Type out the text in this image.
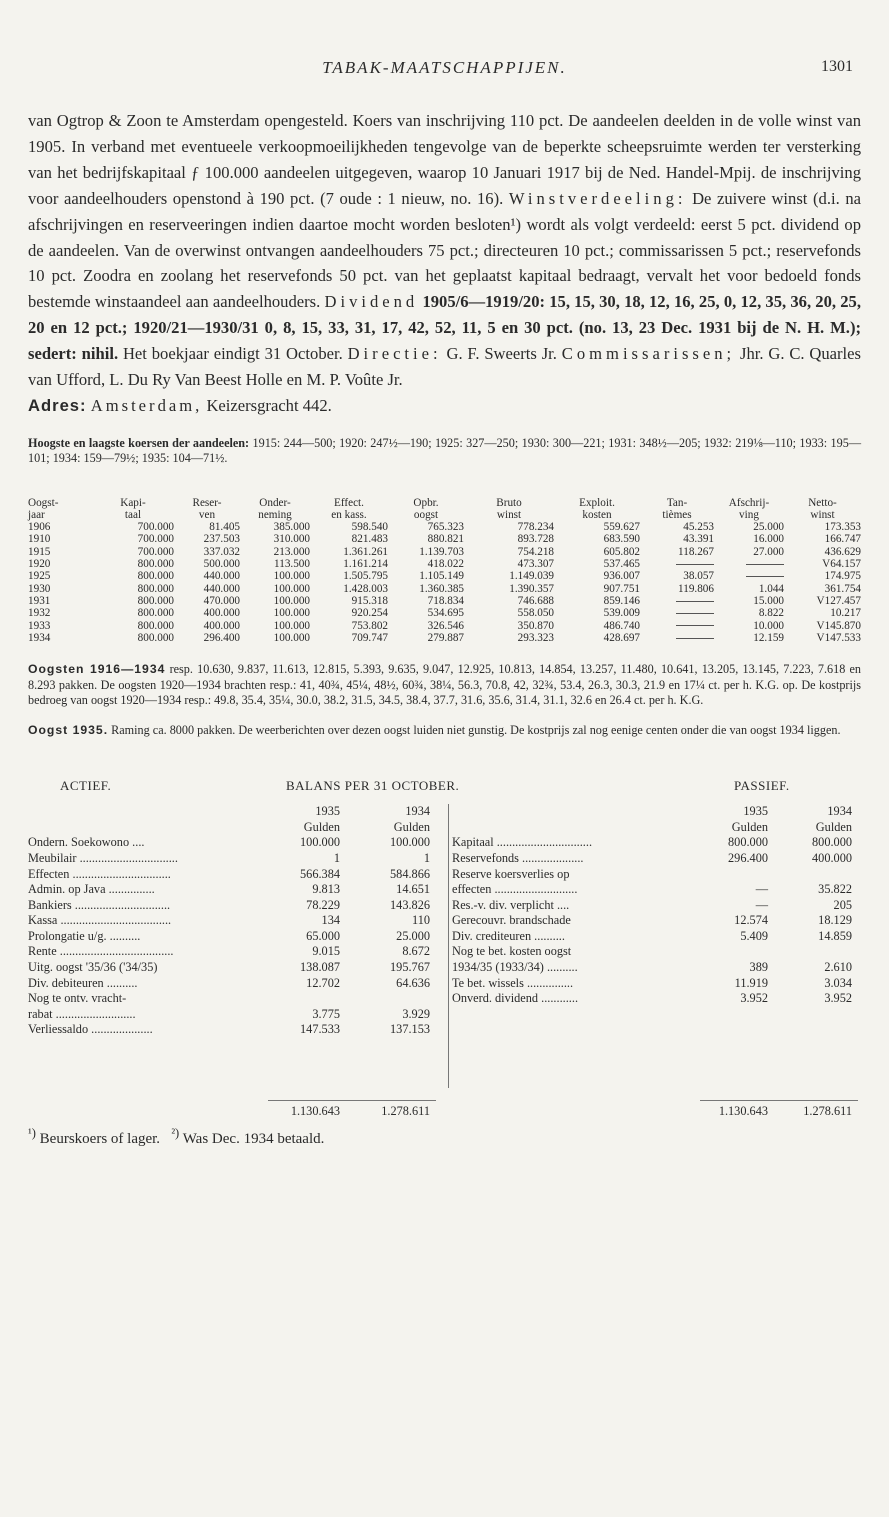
TABAK-MAATSCHAPPIJEN.	1301

van Ogtrop & Zoon te Amsterdam opengesteld. Koers van inschrijving 110 pct. De aandeelen deelden in de volle winst van 1905. In verband met eventueele verkoopmoeilijkheden tengevolge van de beperkte scheepsruimte werden ter versterking van het bedrijfskapitaal ƒ 100.000 aandeelen uitgegeven, waarop 10 Januari 1917 bij de Ned. Handel-Mpij. de inschrijving voor aandeelhouders openstond à 190 pct. (7 oude : 1 nieuw, no. 16). Winstverdeeling: De zuivere winst (d.i. na afschrijvingen en reserveeringen indien daartoe mocht worden besloten¹) wordt als volgt verdeeld: eerst 5 pct. dividend op de aandeelen. Van de overwinst ontvangen aandeelhouders 75 pct.; directeuren 10 pct.; commissarissen 5 pct.; reservefonds 10 pct. Zoodra en zoolang het reservefonds 50 pct. van het geplaatst kapitaal bedraagt, vervalt het voor bedoeld fonds bestemde winstaandeel aan aandeelhouders. Dividend 1905/6—1919/20: 15, 15, 30, 18, 12, 16, 25, 0, 12, 35, 36, 20, 25, 20 en 12 pct.; 1920/21—1930/31 0, 8, 15, 33, 31, 17, 42, 52, 11, 5 en 30 pct. (no. 13, 23 Dec. 1931 bij de N. H. M.); sedert: nihil. Het boekjaar eindigt 31 October. Directie: G. F. Sweerts Jr. Commissarissen; Jhr. G. C. Quarles van Ufford, L. Du Ry Van Beest Holle en M. P. Voûte Jr.

Adres: Amsterdam, Keizersgracht 442.

Hoogste en laagste koersen der aandeelen: 1915: 244—500; 1920: 247½—190; 1925: 327—250; 1930: 300—221; 1931: 348½—205; 1932: 219⅛—110; 1933: 195—101; 1934: 159—79½; 1935: 104—71½.

Oogst-	Kapi-	Reser-	Onder-	Effect.	Opbr.	Bruto	Exploit.	Tan-	Afschrij-	Netto-
jaar	taal	ven	neming	en kass.	oogst	winst	kosten	tièmes	ving	winst
1906	700.000	81.405	385.000	598.540	765.323	778.234	559.627	45.253	25.000	173.353
1910	700.000	237.503	310.000	821.483	880.821	893.728	683.590	43.391	16.000	166.747
1915	700.000	337.032	213.000	1.361.261	1.139.703	754.218	605.802	118.267	27.000	436.629
1920	800.000	500.000	113.500	1.161.214	418.022	473.307	537.465			V64.157
1925	800.000	440.000	100.000	1.505.795	1.105.149	1.149.039	936.007	38.057		174.975
1930	800.000	440.000	100.000	1.428.003	1.360.385	1.390.357	907.751	119.806	1.044	361.754
1931	800.000	470.000	100.000	915.318	718.834	746.688	859.146		15.000	V127.457
1932	800.000	400.000	100.000	920.254	534.695	558.050	539.009		8.822	10.217
1933	800.000	400.000	100.000	753.802	326.546	350.870	486.740		10.000	V145.870
1934	800.000	296.400	100.000	709.747	279.887	293.323	428.697		12.159	V147.533

Oogsten 1916—1934 resp. 10.630, 9.837, 11.613, 12.815, 5.393, 9.635, 9.047, 12.925, 10.813, 14.854, 13.257, 11.480, 10.641, 13.205, 13.145, 7.223, 7.618 en 8.293 pakken. De oogsten 1920—1934 brachten resp.: 41, 40¾, 45¼, 48½, 60¾, 38¼, 56.3, 70.8, 42, 32¾, 53.4, 26.3, 30.3, 21.9 en 17¼ ct. per h. K.G. op. De kostprijs bedroeg van oogst 1920—1934 resp.: 49.8, 35.4, 35¼, 30.0, 38.2, 31.5, 34.5, 38.4, 37.7, 31.6, 35.6, 31.4, 31.1, 32.6 en 26.4 ct. per h. K.G.

Oogst 1935. Raming ca. 8000 pakken. De weerberichten over dezen oogst luiden niet gunstig. De kostprijs zal nog eenige centen onder die van oogst 1934 liggen.

ACTIEF.	BALANS PER 31 OCTOBER.	PASSIEF.
1935	1934
Gulden	Gulden
Ondern. Soekowono ....	100.000	100.000
Meubilair ................................	1	1
Effecten ................................	566.384	584.866
Admin. op Java ...............	9.813	14.651
Bankiers ...............................	78.229	143.826
Kassa ....................................	134	110
Prolongatie u/g. ..........	65.000	25.000
Rente .....................................	9.015	8.672
Uitg. oogst '35/36 ('34/35)	138.087	195.767
Div. debiteuren ..........	12.702	64.636
Nog te ontv. vracht-
rabat ..........................	3.775	3.929
Verliessaldo ....................	147.533	137.153
1935	1934
Gulden	Gulden
Kapitaal ...............................	800.000	800.000
Reservefonds ....................	296.400	400.000
Reserve koersverlies op
effecten ...........................	—	35.822
Res.-v. div. verplicht ....	—	205
Gerecouvr. brandschade	12.574	18.129
Div. crediteuren ..........	5.409	14.859
Nog te bet. kosten oogst
1934/35 (1933/34) ..........	389	2.610
Te bet. wissels ...............	11.919	3.034
Onverd. dividend ............	3.952	3.952
1.130.643	1.278.611	1.130.643	1.278.611
$^{^1)}$ Beurskoers of lager. $^{^2)}$ Was Dec. 1934 betaald.
